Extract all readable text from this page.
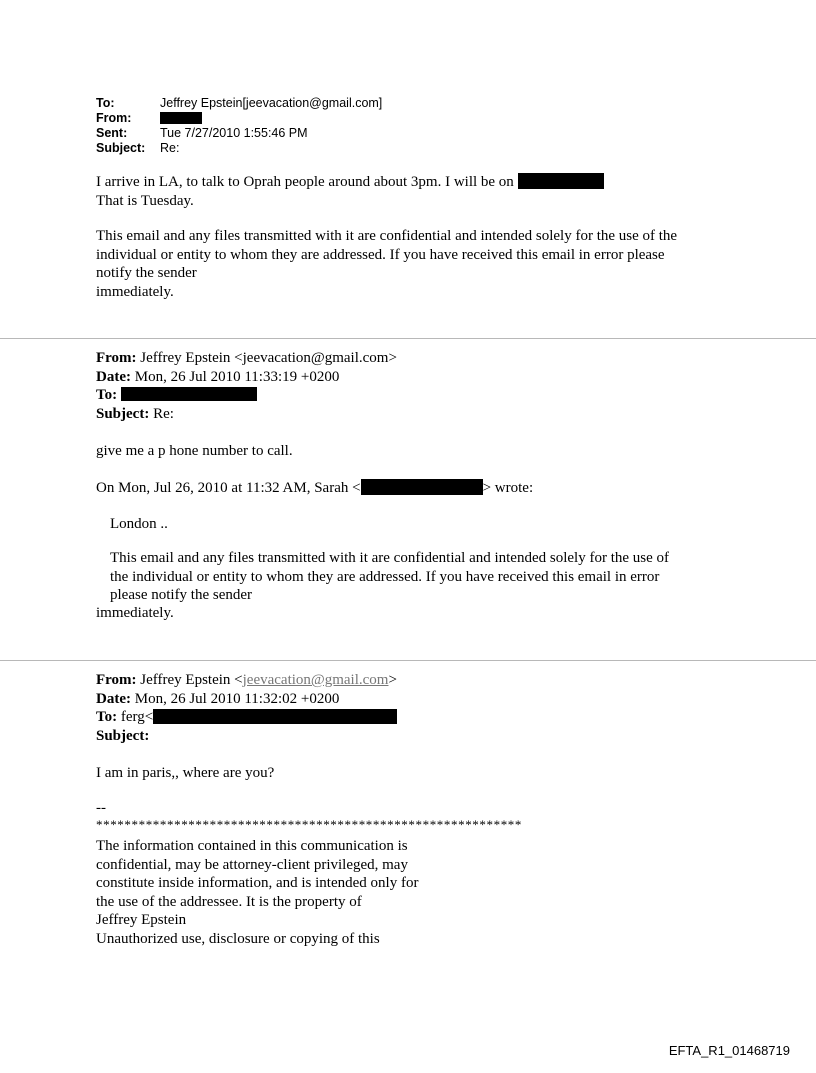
To:	Jeffrey Epstein[jeevacation@gmail.com]
From:
Sent:	Tue 7/27/2010 1:55:46 PM
Subject:	Re:

I arrive in LA, to talk to Oprah people around about 3pm. I will be on

That is Tuesday.

This email and any files transmitted with it are confidential and intended solely for the use of the

individual or entity to whom they are addressed. If you have received this email in error please

notify the sender

immediately.

From: Jeffrey Epstein <jeevacation@gmail.com>
Date: Mon, 26 Jul 2010 11:33:19 +0200
To:
Subject: Re:
give me a p hone number to call.
On Mon, Jul 26, 2010 at 11:32 AM, Sarah <	> wrote:
London ..

This email and any files transmitted with it are confidential and intended solely for the use of

the individual or entity to whom they are addressed. If you have received this email in error

please notify the sender

immediately.
From: Jeffrey Epstein <jeevacation@gmail.com>
Date: Mon, 26 Jul 2010 11:32:02 +0200
To: ferg<
Subject:
I am in paris,, where are you?
--
************************************************************

The information contained in this communication is

confidential, may be attorney-client privileged, may

constitute inside information, and is intended only for

the use of the addressee. It is the property of

Jeffrey Epstein

Unauthorized use, disclosure or copying of this

EFTA_R1_01468719
